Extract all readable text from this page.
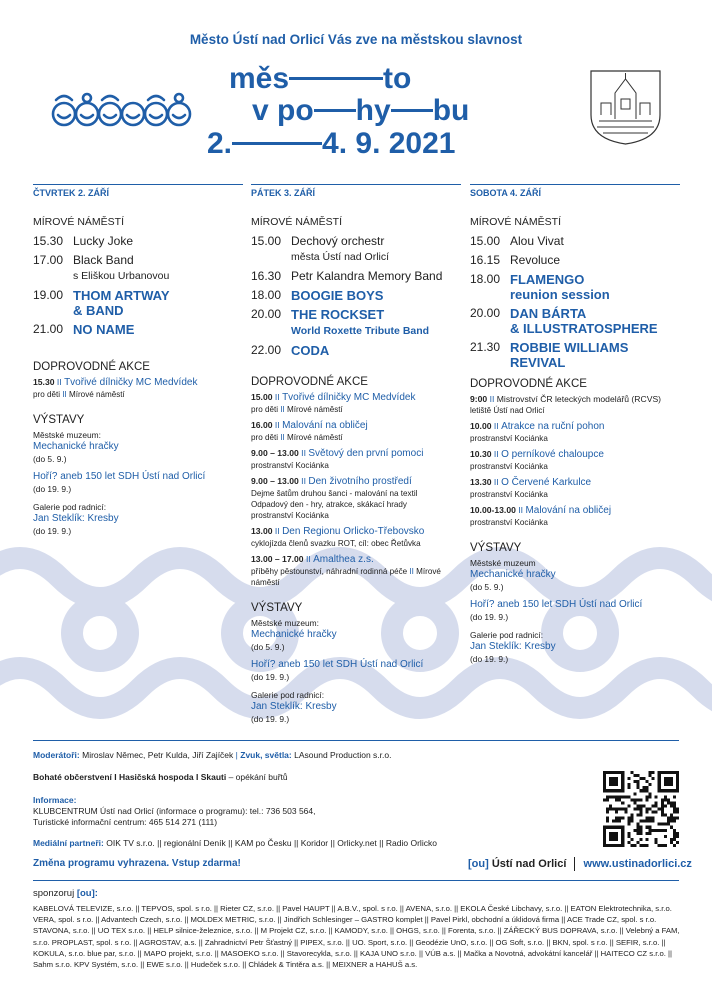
Město Ústí nad Orlicí Vás zve na městskou slavnost
měs	to
v po hy bu
2.	4. 9. 2021
ČTVRTEK 2. ZÁŘÍ
MÍROVÉ NÁMĚSTÍ
15.30 Lucky Joke
17.00 Black Band
s Eliškou Urbanovou
19.00 THOM ARTWAY
& BAND
21.00 NO NAME
DOPROVODNÉ AKCE
15.30 II Tvořivé dílničky MC Medvídek
pro děti II Mírové náměstí
VÝSTAVY
Městské muzeum:
Mechanické hračky
(do 5. 9.)
Hoří? aneb 150 let SDH Ústí nad Orlicí
(do 19. 9.)
Galerie pod radnicí:
Jan Steklík: Kresby
(do 19. 9.)
PÁTEK 3. ZÁŘÍ
MÍROVÉ NÁMĚSTÍ
15.00 Dechový orchestr
města Ústí nad Orlicí
16.30 Petr Kalandra Memory Band
18.00 BOOGIE BOYS
20.00 THE ROCKSET
World Roxette Tribute Band
22.00 CODA
DOPROVODNÉ AKCE
15.00 II Tvořivé dílničky MC Medvídek
pro děti II Mírové náměstí
16.00 II Malování na obličej
pro děti II Mírové náměstí
9.00 – 13.00 II Světový den první pomoci
prostranství Kociánka
9.00 – 13.00 II Den životního prostředí
Dejme šatům druhou šanci - malování na textil
Odpadový den - hry, atrakce, skákací hrady
prostranství Kociánka
13.00 II Den Regionu Orlicko-Třebovsko
cyklojízda členů svazku ROT, cíl: obec Řetůvka
13.00 – 17.00 II Amalthea z.s.
příběhy pěstounství, náhradní rodinná péče II Mírové náměstí
VÝSTAVY
Městské muzeum:
Mechanické hračky
(do 5. 9.)
Hoří? aneb 150 let SDH Ústí nad Orlicí
(do 19. 9.)
Galerie pod radnicí:
Jan Steklík: Kresby
(do 19. 9.)
SOBOTA 4. ZÁŘÍ
MÍROVÉ NÁMĚSTÍ
15.00 Alou Vivat
16.15 Revoluce
18.00 FLAMENGO
reunion session
20.00 DAN BÁRTA
& ILLUSTRATOSPHERE
21.30 ROBBIE WILLIAMS
REVIVAL
DOPROVODNÉ AKCE
9:00 II Mistrovství ČR leteckých modelářů (RCVS)
letiště Ústí nad Orlicí
10.00 II Atrakce na ruční pohon
prostranství Kociánka
10.30 II O perníkové chaloupce
prostranství Kociánka
13.30 II O Červené Karkulce
prostranství Kociánka
10.00-13.00 II Malování na obličej
prostranství Kociánka
VÝSTAVY
Městské muzeum
Mechanické hračky
(do 5. 9.)
Hoří? aneb 150 let SDH Ústí nad Orlicí
(do 19. 9.)
Galerie pod radnicí:
Jan Steklík: Kresby
(do 19. 9.)
Moderátoři: Miroslav Němec, Petr Kulda, Jiří Zajíček | Zvuk, světla: LAsound Production s.r.o.
Bohaté občerstvení I Hasičská hospoda I Skauti – opékání buřtů
Informace:
KLUBCENTRUM Ústí nad Orlicí (informace o programu): tel.: 736 503 564,
Turistické informační centrum: 465 514 271 (111)
Mediální partneři: OIK TV s.r.o. || regionální Deník || KAM po Česku || Koridor || Orlicky.net || Radio Orlicko
Změna programu vyhrazena. Vstup zdarma!	[ou] Ústí nad Orlicí www.ustinadorlici.cz
sponzoruj [ou]:
KABELOVÁ TELEVIZE, s.r.o. || TEPVOS, spol. s r.o. || Rieter CZ, s.r.o. || Pavel HAUPT || A.B.V., spol. s r.o. || AVENA, s.r.o. || EKOLA České Libchavy, s.r.o. || EATON Elektrotechnika, s.r.o. VERA, spol. s r.o. || Advantech Czech, s.r.o. || MOLDEX METRIC, s.r.o. || Jindřich Schlesinger – GASTRO komplet || Pavel Pirkl, obchodní a úklidová firma || ACE Trade CZ, spol. s r.o. STAVONA, s.r.o. || UO TEX s.r.o. || HELP silnice-železnice, s.r.o. || M Projekt CZ, s.r.o. || KAMODY, s.r.o. || OHGS, s.r.o. || Forenta, s.r.o. || ZÁŘECKÝ BUS DOPRAVA, s.r.o. || Velebný a FAM, s.r.o. PROPLAST, spol. s r.o. || AGROSTAV, a.s. || Zahradnictví Petr Šťastný || PIPEX, s.r.o. || UO. Sport, s.r.o. || Geodézie UnO, s.r.o. || OG Soft, s.r.o. || BKN, spol. s r.o. || SEFIR, s.r.o. || KOKULA, s.r.o. blue par, s.r.o. || MAPO projekt, s.r.o. || MASOEKO s.r.o. || Stavorecykla, s.r.o. || KAJA UNO s.r.o. || VÚB a.s. || Mačka a Novotná, advokátní kancelář || HAITECO CZ s.r.o. || Sahm s.r.o. KPV Systém, s.r.o. || EWE s.r.o. || Hudeček s.r.o. || Chládek & Tintěra a.s. || MEIXNER a HAHUŠ a.s.
